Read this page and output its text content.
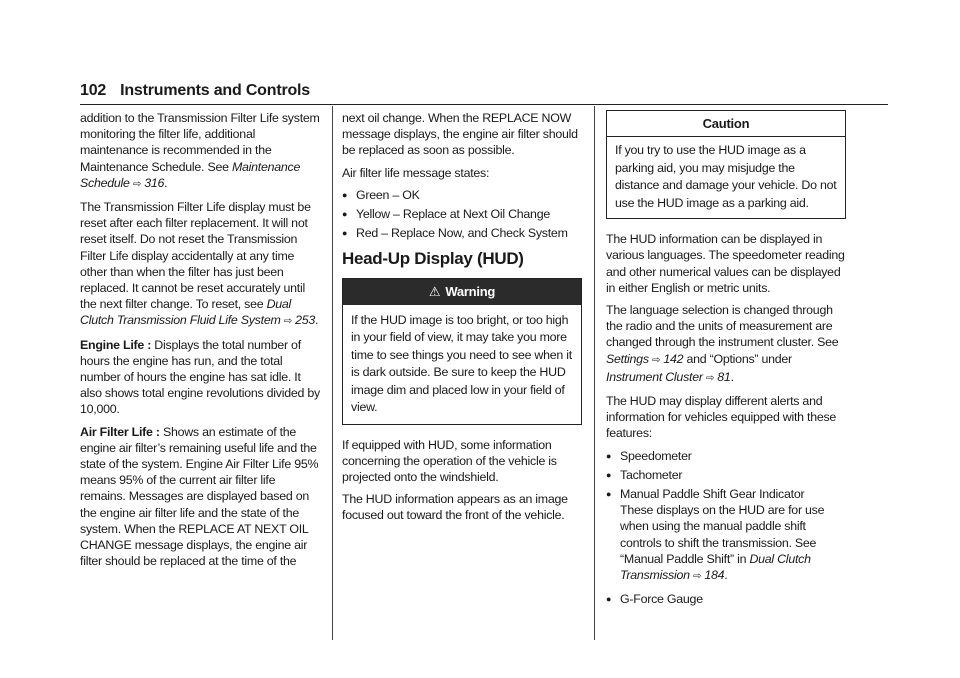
102 Instruments and Controls

addition to the Transmission Filter Life system monitoring the filter life, additional maintenance is recommended in the Maintenance Schedule. See Maintenance Schedule ⇨ 316.

The Transmission Filter Life display must be reset after each filter replacement. It will not reset itself. Do not reset the Transmission Filter Life display accidentally at any time other than when the filter has just been replaced. It cannot be reset accurately until the next filter change. To reset, see Dual Clutch Transmission Fluid Life System ⇨ 253.

Engine Life : Displays the total number of hours the engine has run, and the total number of hours the engine has sat idle. It also shows total engine revolutions divided by 10,000.

Air Filter Life : Shows an estimate of the engine air filter’s remaining useful life and the state of the system. Engine Air Filter Life 95% means 95% of the current air filter life remains. Messages are displayed based on the engine air filter life and the state of the system. When the REPLACE AT NEXT OIL CHANGE message displays, the engine air filter should be replaced at the time of the

next oil change. When the REPLACE NOW message displays, the engine air filter should be replaced as soon as possible.

Air filter life message states:

● Green – OK
● Yellow – Replace at Next Oil Change
● Red – Replace Now, and Check System
Head-Up Display (HUD)
⚠ Warning
If the HUD image is too bright, or too high in your field of view, it may take you more time to see things you need to see when it is dark outside. Be sure to keep the HUD image dim and placed low in your field of view.

If equipped with HUD, some information concerning the operation of the vehicle is projected onto the windshield.

The HUD information appears as an image focused out toward the front of the vehicle.

Caution
If you try to use the HUD image as a parking aid, you may misjudge the distance and damage your vehicle. Do not use the HUD image as a parking aid.

The HUD information can be displayed in various languages. The speedometer reading and other numerical values can be displayed in either English or metric units.

The language selection is changed through the radio and the units of measurement are changed through the instrument cluster. See Settings ⇨ 142 and “Options” under Instrument Cluster ⇨ 81.

The HUD may display different alerts and information for vehicles equipped with these features:

● Speedometer
● Tachometer
● Manual Paddle Shift Gear Indicator

These displays on the HUD are for use when using the manual paddle shift controls to shift the transmission. See “Manual Paddle Shift” in Dual Clutch Transmission ⇨ 184.

● G-Force Gauge
